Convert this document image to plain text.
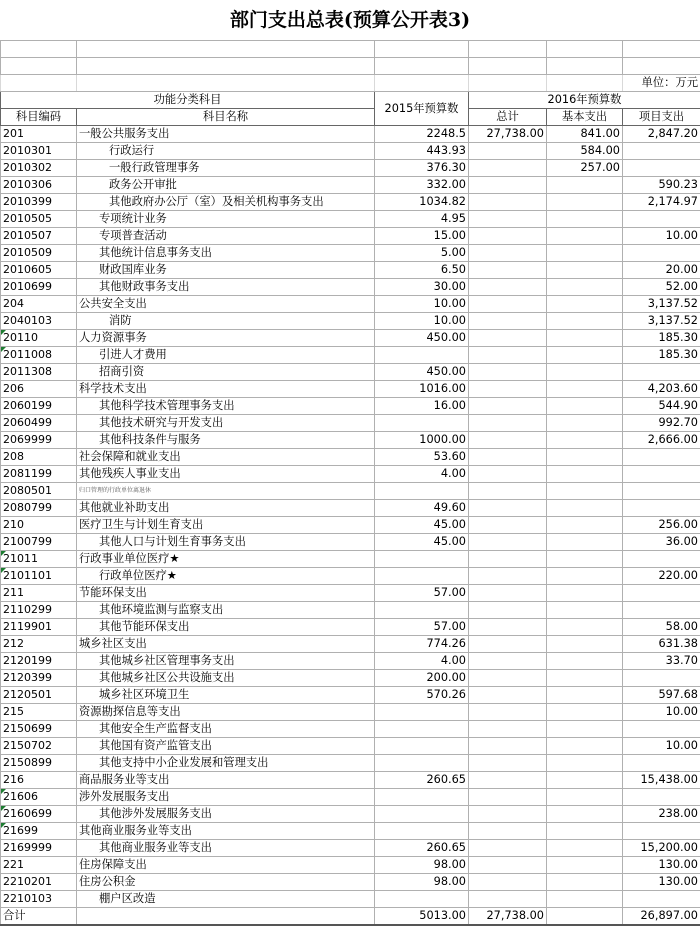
部门支出总表(预算公开表3)

					单位：万元
功能分类科目		2015年预算数	2016年预算数		
科目编码	科目名称		总计	基本支出	项目支出
201	一般公共服务支出	2248.5	27,738.00	841.00	2,847.20
2010301	行政运行	443.93		584.00	
2010302	一般行政管理事务	376.30		257.00	
2010306	政务公开审批	332.00			590.23
2010399	其他政府办公厅（室）及相关机构事务支出	1034.82			2,174.97
2010505	专项统计业务	4.95			
2010507	专项普查活动	15.00			10.00
2010509	其他统计信息事务支出	5.00			
2010605	财政国库业务	6.50			20.00
2010699	其他财政事务支出	30.00			52.00
204	公共安全支出	10.00			3,137.52
2040103	消防	10.00			3,137.52
20110	人力资源事务	450.00			185.30
2011008	引进人才费用				185.30
2011308	招商引资	450.00			
206	科学技术支出	1016.00			4,203.60
2060199	其他科学技术管理事务支出	16.00			544.90
2060499	其他技术研究与开发支出				992.70
2069999	其他科技条件与服务	1000.00			2,666.00
208	社会保障和就业支出	53.60			
2081199	其他残疾人事业支出	4.00			
2080501	归口管理的行政单位离退休				
2080799	其他就业补助支出	49.60			
210	医疗卫生与计划生育支出	45.00			256.00
2100799	其他人口与计划生育事务支出	45.00			36.00
21011	行政事业单位医疗★				
2101101	行政单位医疗★				220.00
211	节能环保支出	57.00			
2110299	其他环境监测与监察支出				
2119901	其他节能环保支出	57.00			58.00
212	城乡社区支出	774.26			631.38
2120199	其他城乡社区管理事务支出	4.00			33.70
2120399	其他城乡社区公共设施支出	200.00			
2120501	城乡社区环境卫生	570.26			597.68
215	资源勘探信息等支出				10.00
2150699	其他安全生产监督支出				
2150702	其他国有资产监管支出				10.00
2150899	其他支持中小企业发展和管理支出				
216	商品服务业等支出	260.65			15,438.00
21606	涉外发展服务支出				
2160699	其他涉外发展服务支出				238.00
21699	其他商业服务业等支出				
2169999	其他商业服务业等支出	260.65			15,200.00
221	住房保障支出	98.00			130.00
2210201	住房公积金	98.00			130.00
2210103	棚户区改造				
合计		5013.00	27,738.00		26,897.00
